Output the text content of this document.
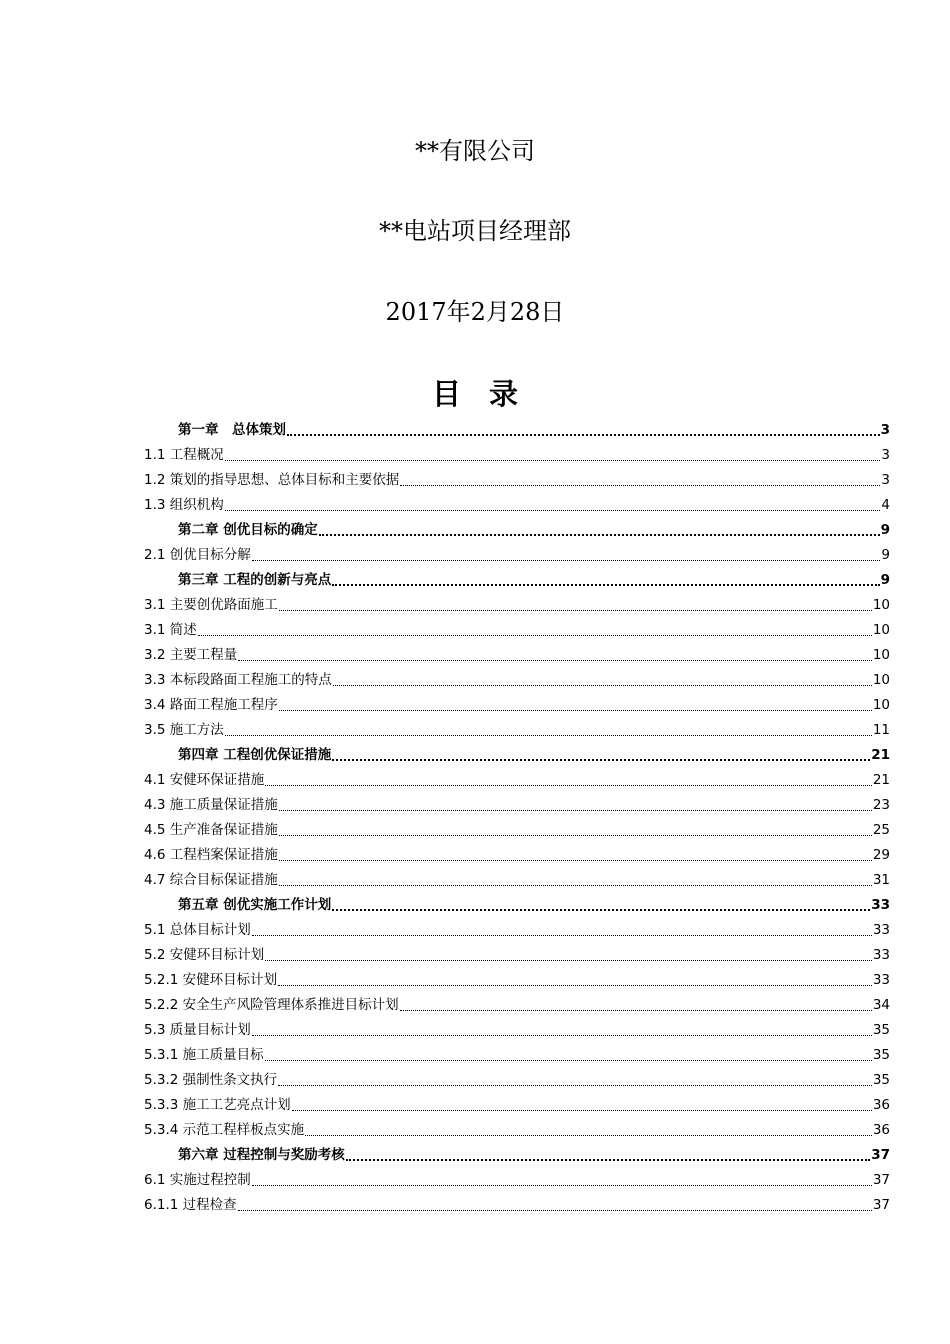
**有限公司
**电站项目经理部
2017年2月28日
目录
第一章　总体策划	3
1.1 工程概况	3
1.2 策划的指导思想、总体目标和主要依据	3
1.3 组织机构	4
第二章 创优目标的确定	9
2.1 创优目标分解	9
第三章 工程的创新与亮点	9
3.1 主要创优路面施工	10
3.1 简述	10
3.2 主要工程量	10
3.3 本标段路面工程施工的特点	10
3.4 路面工程施工程序	10
3.5 施工方法	11
第四章 工程创优保证措施	21
4.1 安健环保证措施	21
4.3 施工质量保证措施	23
4.5 生产准备保证措施	25
4.6 工程档案保证措施	29
4.7 综合目标保证措施	31
第五章 创优实施工作计划	33
5.1 总体目标计划	33
5.2 安健环目标计划	33
5.2.1 安健环目标计划	33
5.2.2 安全生产风险管理体系推进目标计划	34
5.3 质量目标计划	35
5.3.1 施工质量目标	35
5.3.2 强制性条文执行	35
5.3.3 施工工艺亮点计划	36
5.3.4 示范工程样板点实施	36
第六章 过程控制与奖励考核	37
6.1 实施过程控制	37
6.1.1 过程检查	37
